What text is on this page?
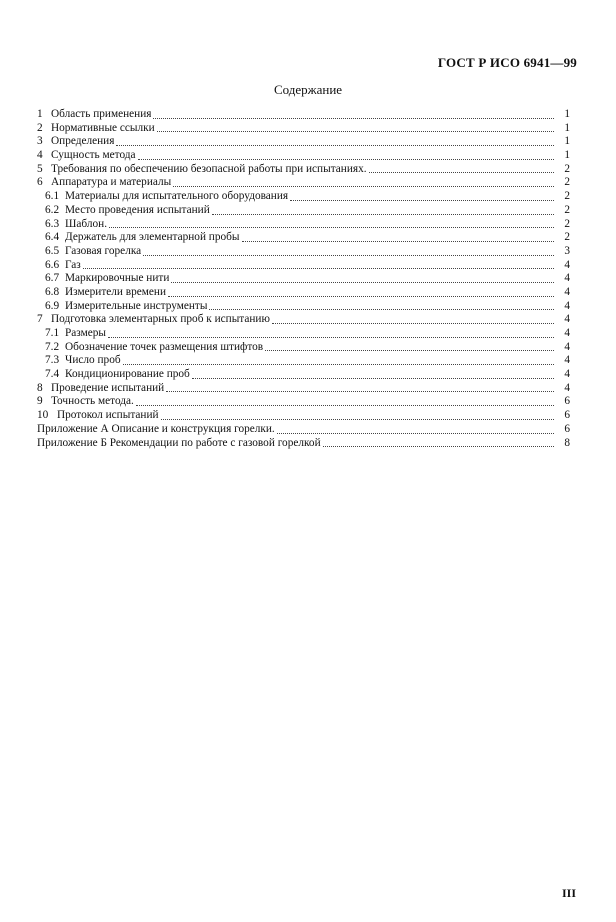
ГОСТ Р ИСО 6941—99
Содержание
1 Область применения	1
2 Нормативные ссылки	1
3 Определения	1
4 Сущность метода	1
5 Требования по обеспечению безопасной работы при испытаниях.	2
6 Аппаратура и материалы	2
6.1 Материалы для испытательного оборудования	2
6.2 Место проведения испытаний	2
6.3 Шаблон.	2
6.4 Держатель для элементарной пробы	2
6.5 Газовая горелка	3
6.6 Газ	4
6.7 Маркировочные нити	4
6.8 Измерители времени	4
6.9 Измерительные инструменты	4
7 Подготовка элементарных проб к испытанию	4
7.1 Размеры	4
7.2 Обозначение точек размещения штифтов	4
7.3 Число проб	4
7.4 Кондиционирование проб	4
8 Проведение испытаний	4
9 Точность метода.	6
10 Протокол испытаний	6
Приложение А Описание и конструкция горелки.	6
Приложение Б Рекомендации по работе с газовой горелкой	8
III
